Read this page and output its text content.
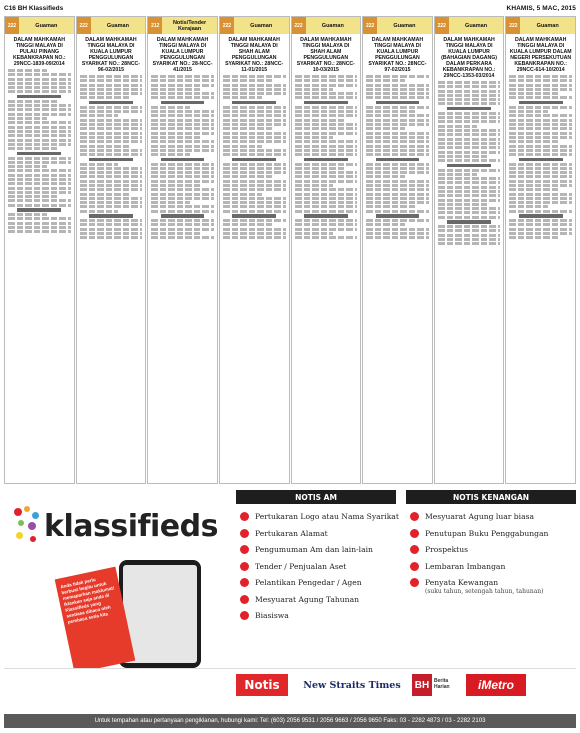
C16 BH Klassifieds	KHAMIS, 5 MAC, 2015
222	Guaman
DALAM MAHKAMAH TINGGI MALAYA DI PULAU PINANG KEBANKRAPAN NO.: 29NCC-1839-09/2014
222	Guaman
DALAM MAHKAMAH TINGGI MALAYA DI KUALA LUMPUR PENGGULUNGAN SYARIKAT NO.: 28NCC-96-02/2015
212	Notis/Tender Kerajaan
DALAM MAHKAMAH TINGGI MALAYA DI KUALA LUMPUR PENGGULUNGAN SYARIKAT NO.: 28-NCC-41/2015
222	Guaman
DALAM MAHKAMAH TINGGI MALAYA DI SHAH ALAM PENGGULUNGAN SYARIKAT NO.: 28NCC-11-01/2015
222	Guaman
DALAM MAHKAMAH TINGGI MALAYA DI SHAH ALAM PENGGULUNGAN SYARIKAT NO.: 28NCC-10-03/2015
222	Guaman
DALAM MAHKAMAH TINGGI MALAYA DI KUALA LUMPUR PENGGULUNGAN SYARIKAT NO.: 28NCC-97-02/2015
222	Guaman
DALAM MAHKAMAH TINGGI MALAYA DI KUALA LUMPUR (BAHAGIAN DAGANG) DALAM PERKARA KEBANKRAPAN NO.: 29NCC-1353-03/2014
222	Guaman
DALAM MAHKAMAH TINGGI MALAYA DI KUALA LUMPUR DALAM NEGERI PERSEKUTUAN KEBANKRAPAN NO.: 29NCC-614-10/2014
klassifieds
Anda tidak perlu berbuat begitu untuk memaparkan maklumat! Iklankan saja anda di Klassifieds yang sentiasa dibaca oleh pembaca setia kita
NOTIS AM	NOTIS KENANGAN
Pertukaran Logo atau Nama Syarikat
Pertukaran Alamat
Pengumuman Am dan lain-lain
Tender / Penjualan Aset
Pelantikan Pengedar / Agen
Mesyuarat Agung Tahunan
Biasiswa
Mesyuarat Agung luar biasa
Penutupan Buku Penggabungan
Prospektus
Lembaran Imbangan
Penyata Kewangan
(suku tahun, setengah tahun, tahunan)
Notis	New Straits Times	BH Berita Harian	iMetro
Untuk tempahan atau pertanyaan pengiklanan, hubungi kami: Tel: (603) 2056 9531 / 2056 9663 / 2056 9650 Faks: 03 - 2282 4873 / 03 - 2282 2103
